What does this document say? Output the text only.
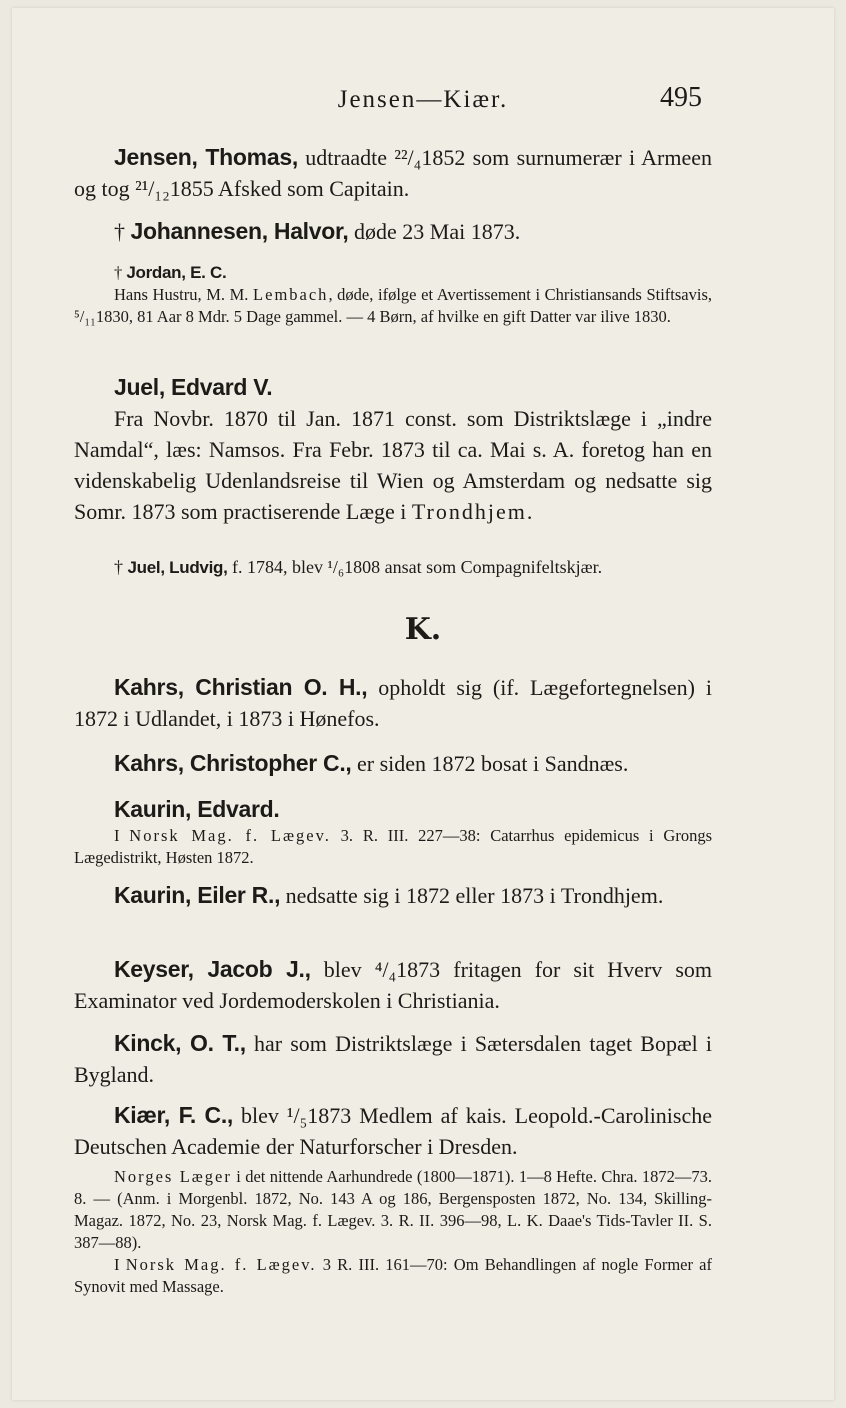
Jensen—Kiær.	495

Jensen, Thomas, udtraadte ²²/₄1852 som surnumerær i Armeen og tog ²¹/₁₂1855 Afsked som Capitain.

† Johannesen, Halvor, døde 23 Mai 1873.

† Jordan, E. C.

Hans Hustru, M. M. Lembach, døde, ifølge et Avertissement i Christiansands Stiftsavis, ⁵/₁₁1830, 81 Aar 8 Mdr. 5 Dage gammel. — 4 Børn, af hvilke en gift Datter var ilive 1830.

Juel, Edvard V.

Fra Novbr. 1870 til Jan. 1871 const. som Distriktslæge i „indre Namdal“, læs: Namsos. Fra Febr. 1873 til ca. Mai s. A. foretog han en videnskabelig Udenlandsreise til Wien og Amsterdam og nedsatte sig Somr. 1873 som practiserende Læge i Trondhjem.

† Juel, Ludvig, f. 1784, blev ¹/₆1808 ansat som Compagnifeltskjær.

K.

Kahrs, Christian O. H., opholdt sig (if. Lægefortegnelsen) i 1872 i Udlandet, i 1873 i Hønefos.

Kahrs, Christopher C., er siden 1872 bosat i Sandnæs.

Kaurin, Edvard.

I Norsk Mag. f. Lægev. 3. R. III. 227—38: Catarrhus epidemicus i Grongs Lægedistrikt, Høsten 1872.

Kaurin, Eiler R., nedsatte sig i 1872 eller 1873 i Trondhjem.

Keyser, Jacob J., blev ⁴/₄1873 fritagen for sit Hverv som Examinator ved Jordemoderskolen i Christiania.

Kinck, O. T., har som Distriktslæge i Sætersdalen taget Bopæl i Bygland.

Kiær, F. C., blev ¹/₅1873 Medlem af kais. Leopold.-Carolinische Deutschen Academie der Naturforscher i Dresden.

Norges Læger i det nittende Aarhundrede (1800—1871). 1—8 Hefte. Chra. 1872—73. 8. — (Anm. i Morgenbl. 1872, No. 143 A og 186, Bergensposten 1872, No. 134, Skilling-Magaz. 1872, No. 23, Norsk Mag. f. Lægev. 3. R. II. 396—98, L. K. Daae's Tids-Tavler II. S. 387—88).

I Norsk Mag. f. Lægev. 3 R. III. 161—70: Om Behandlingen af nogle Former af Synovit med Massage.
